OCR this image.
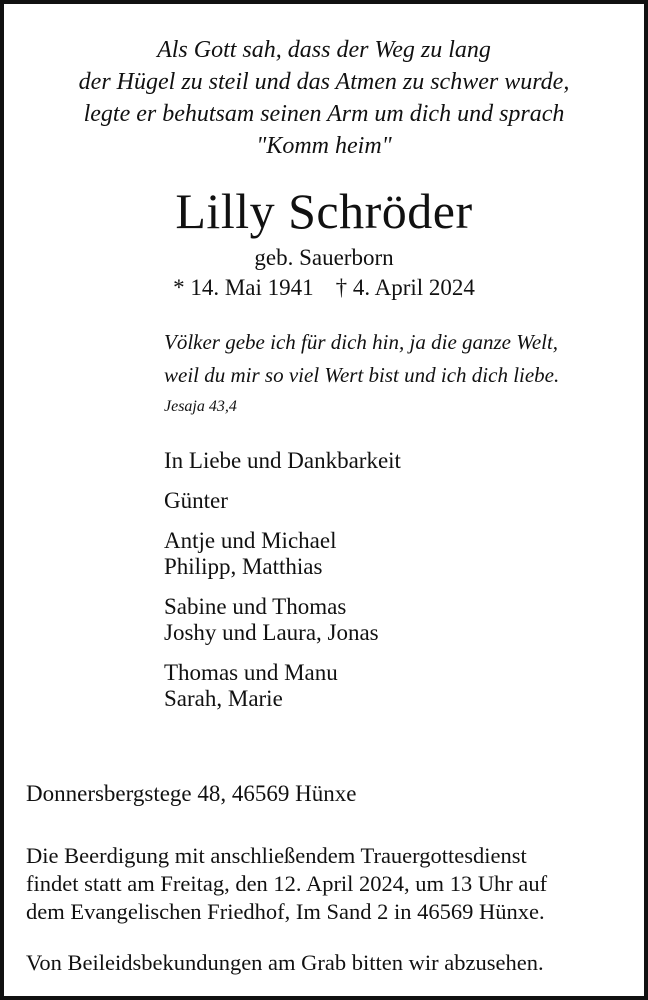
Als Gott sah, dass der Weg zu lang
der Hügel zu steil und das Atmen zu schwer wurde,
legte er behutsam seinen Arm um dich und sprach
"Komm heim"
Lilly Schröder
geb. Sauerborn
* 14. Mai 1941 † 4. April 2024
Völker gebe ich für dich hin, ja die ganze Welt,
weil du mir so viel Wert bist und ich dich liebe.
Jesaja 43,4
In Liebe und Dankbarkeit
Günter
Antje und Michael
Philipp, Matthias
Sabine und Thomas
Joshy und Laura, Jonas
Thomas und Manu
Sarah, Marie
Donnersbergstege 48, 46569 Hünxe
Die Beerdigung mit anschließendem Trauergottesdienst
findet statt am Freitag, den 12. April 2024, um 13 Uhr auf
dem Evangelischen Friedhof, Im Sand 2 in 46569 Hünxe.
Von Beileidsbekundungen am Grab bitten wir abzusehen.
